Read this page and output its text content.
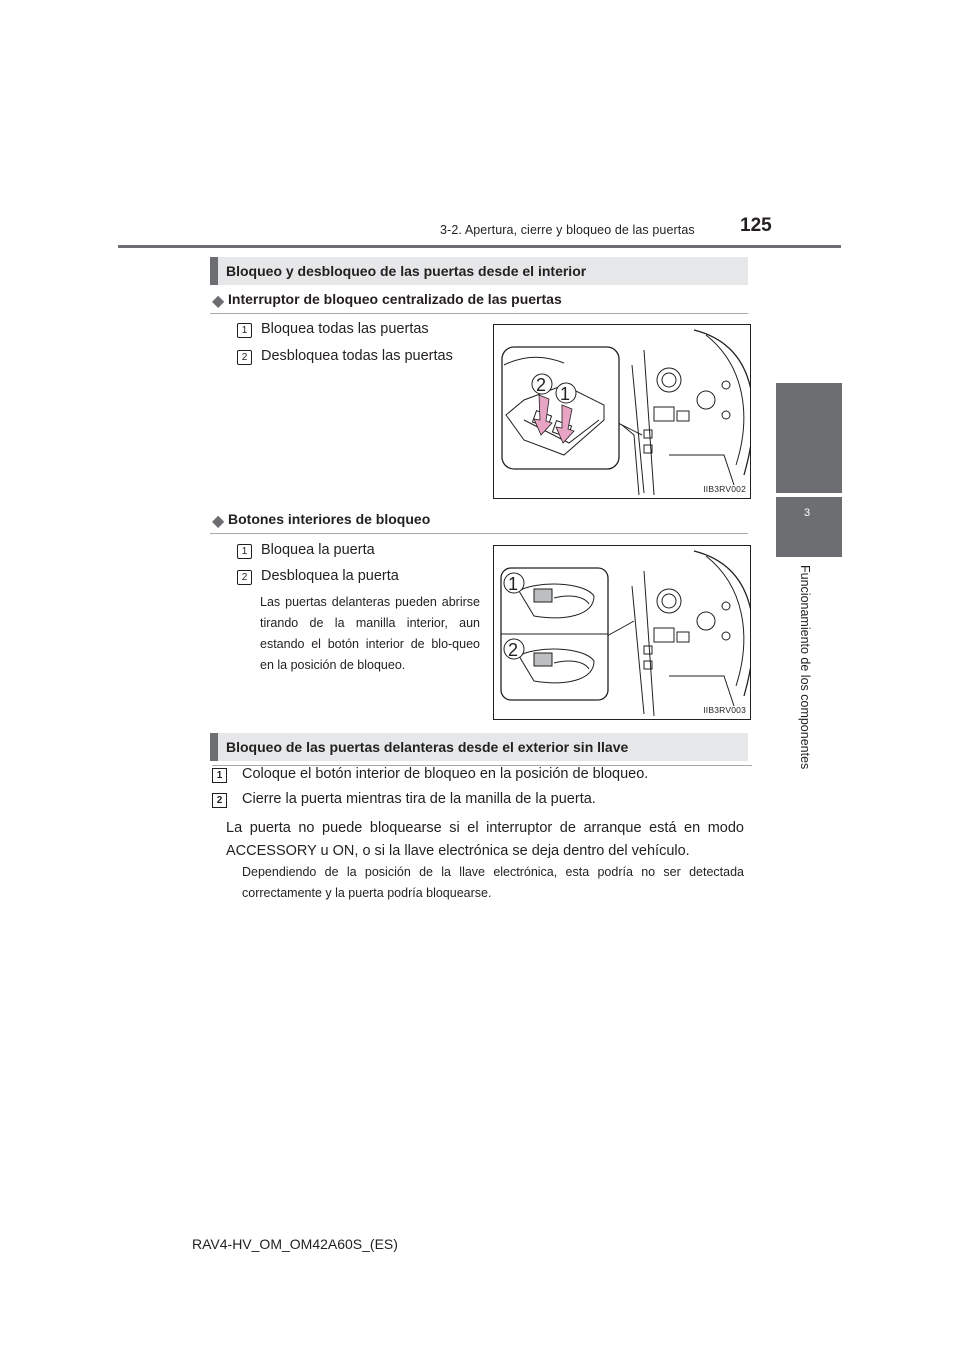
3-2. Apertura, cierre y bloqueo de las puertas 125
3
Funcionamiento de los componentes
Bloqueo y desbloqueo de las puertas desde el interior
◆ Interruptor de bloqueo centralizado de las puertas
1 Bloquea todas las puertas
2 Desbloquea todas las puertas
2 1
IIB3RV002
◆ Botones interiores de bloqueo
1 Bloquea la puerta
2 Desbloquea la puerta
Las puertas delanteras pueden abrirse tirando de la manilla interior, aun estando el botón interior de blo-queo en la posición de bloqueo.
1
2
IIB3RV003
Bloqueo de las puertas delanteras desde el exterior sin llave
1	Coloque el botón interior de bloqueo en la posición de bloqueo.
2	Cierre la puerta mientras tira de la manilla de la puerta.
La puerta no puede bloquearse si el interruptor de arranque está en modo ACCESSORY u ON, o si la llave electrónica se deja dentro del vehículo.
Dependiendo de la posición de la llave electrónica, esta podría no ser detectada correctamente y la puerta podría bloquearse.
RAV4-HV_OM_OM42A60S_(ES)
